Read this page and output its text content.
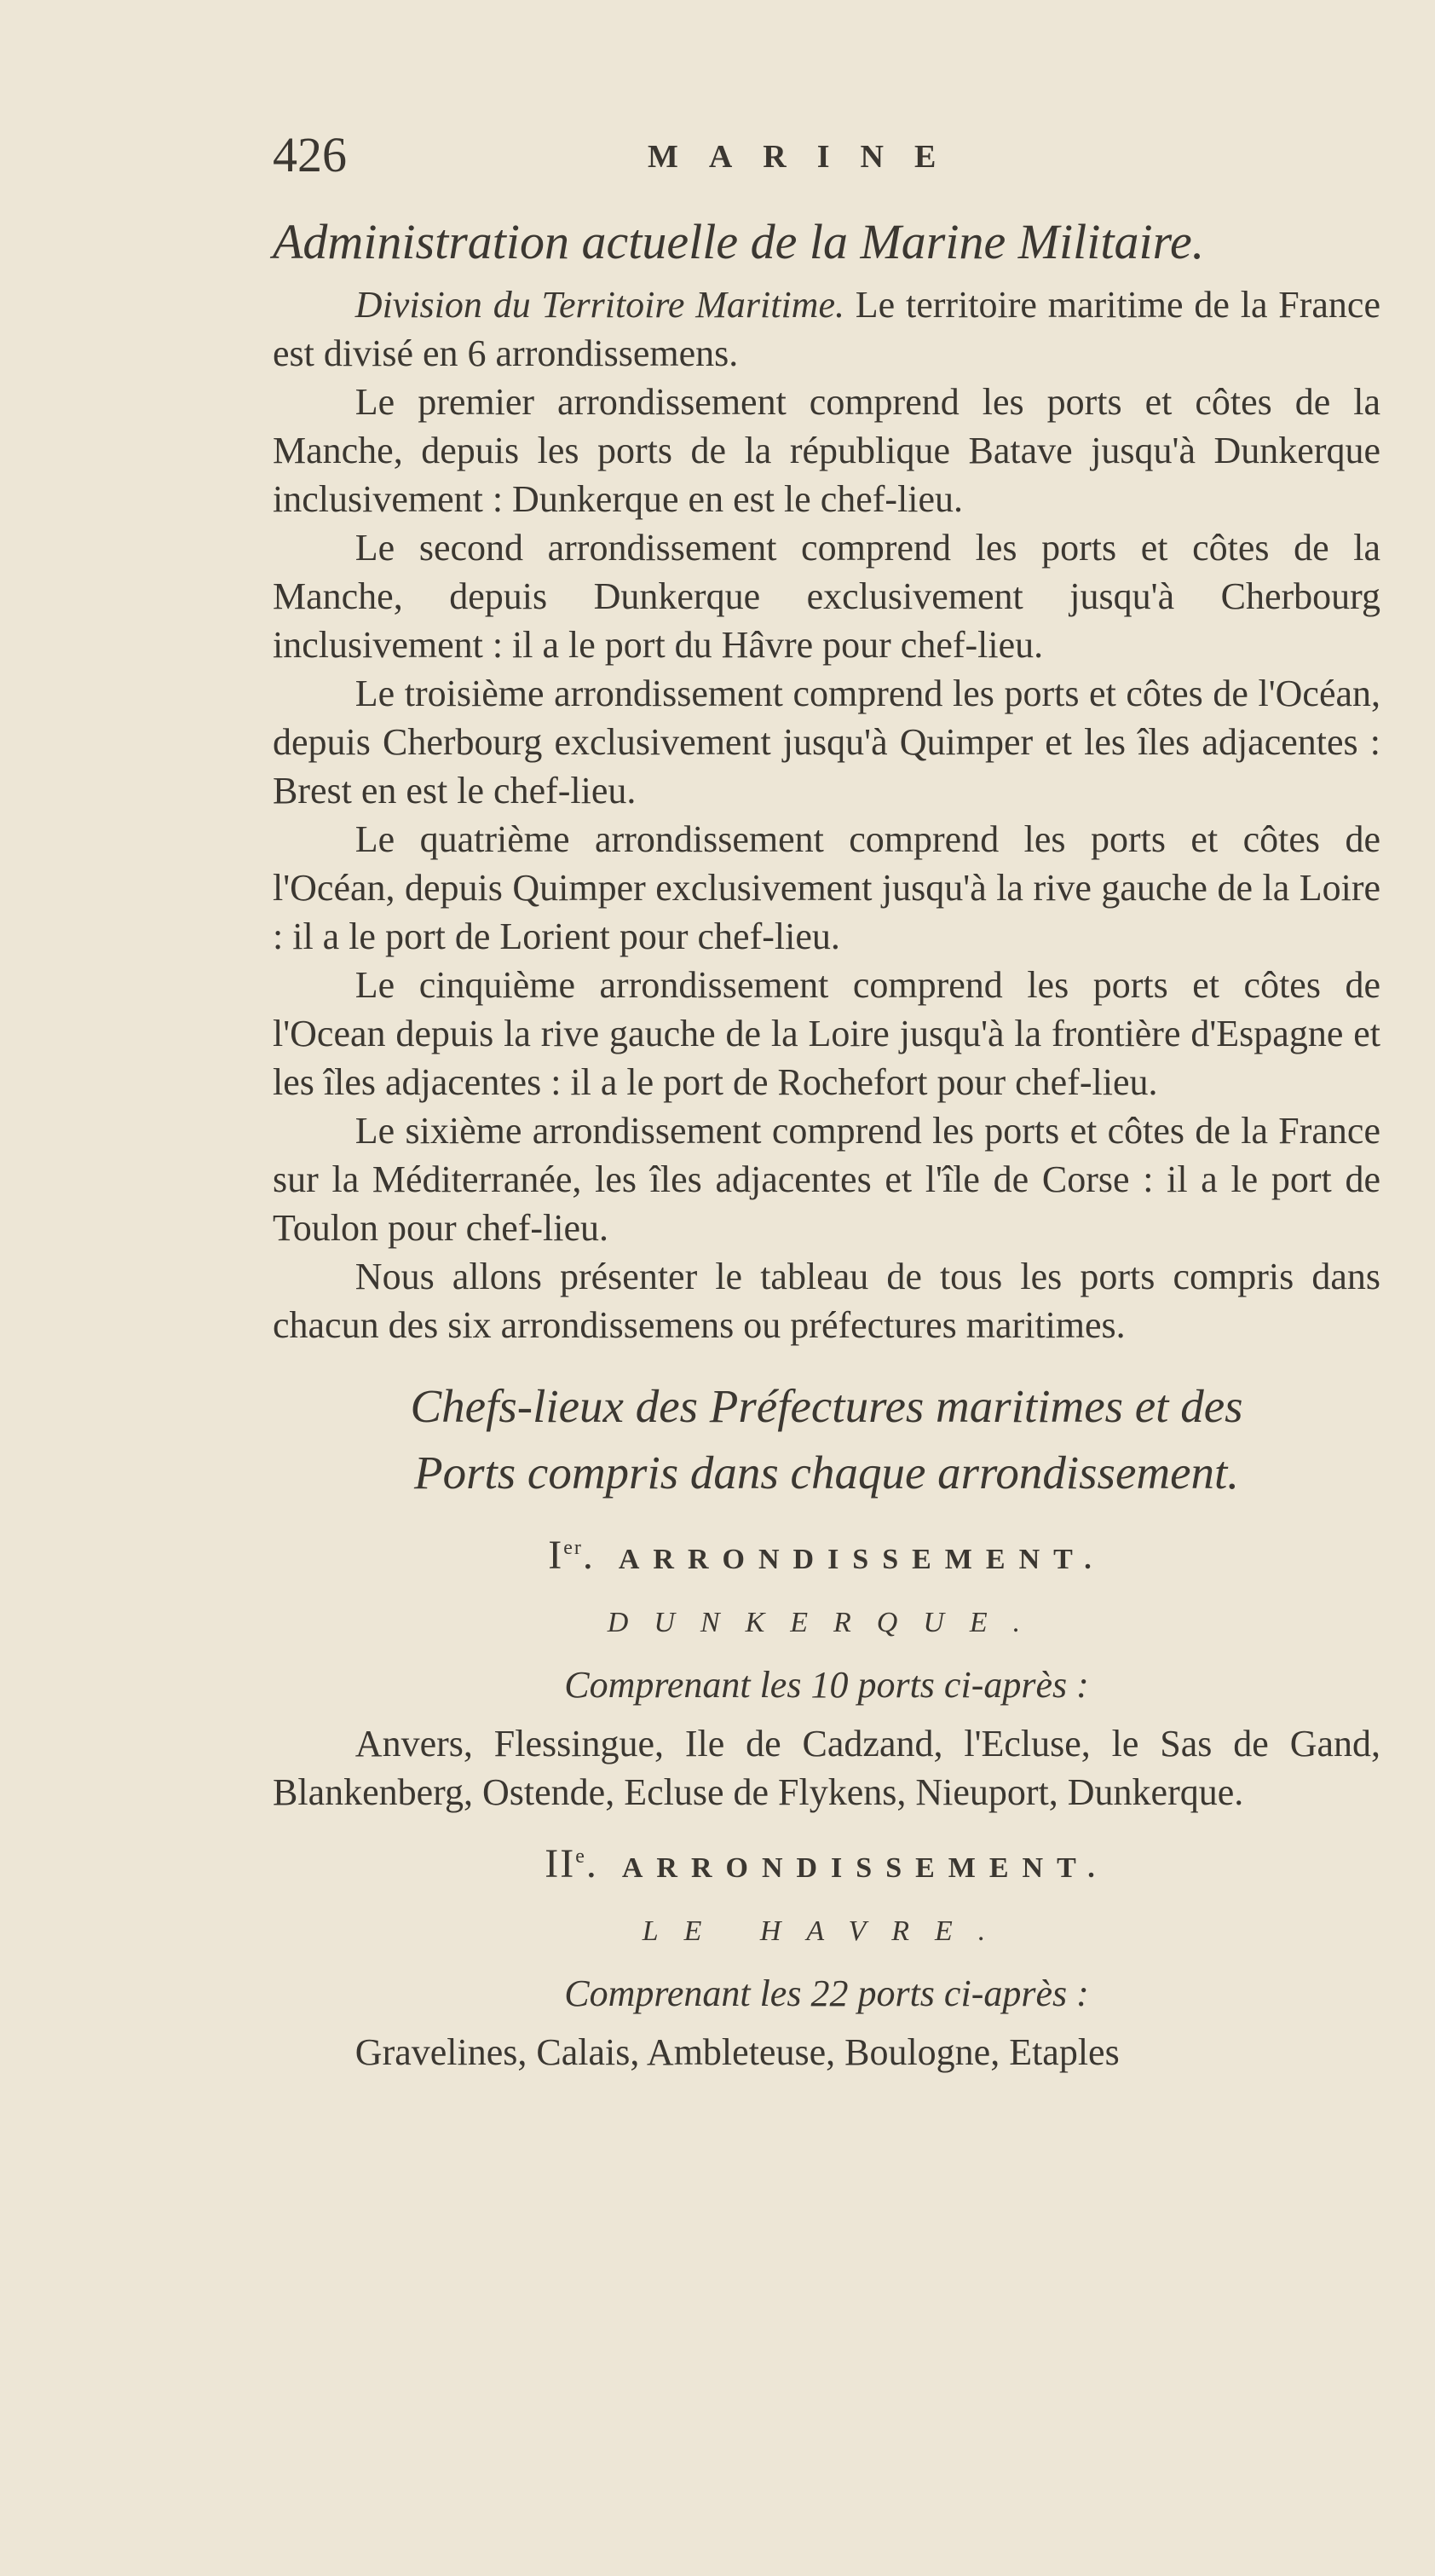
426	MARINE
Administration actuelle de la Marine Militaire.

Division du Territoire Maritime. Le territoire maritime de la France est divisé en 6 arrondissemens.

Le premier arrondissement comprend les ports et côtes de la Manche, depuis les ports de la république Batave jusqu'à Dunkerque inclusivement : Dunkerque en est le chef-lieu.

Le second arrondissement comprend les ports et côtes de la Manche, depuis Dunkerque exclusivement jusqu'à Cherbourg inclusivement : il a le port du Hâvre pour chef-lieu.

Le troisième arrondissement comprend les ports et côtes de l'Océan, depuis Cherbourg exclusivement jusqu'à Quimper et les îles adjacentes : Brest en est le chef-lieu.

Le quatrième arrondissement comprend les ports et côtes de l'Océan, depuis Quimper exclusivement jusqu'à la rive gauche de la Loire : il a le port de Lorient pour chef-lieu.

Le cinquième arrondissement comprend les ports et côtes de l'Ocean depuis la rive gauche de la Loire jusqu'à la frontière d'Espagne et les îles adjacentes : il a le port de Rochefort pour chef-lieu.

Le sixième arrondissement comprend les ports et côtes de la France sur la Méditerranée, les îles adjacentes et l'île de Corse : il a le port de Toulon pour chef-lieu.

Nous allons présenter le tableau de tous les ports compris dans chacun des six arrondissemens ou préfectures maritimes.

Chefs-lieux des Préfectures maritimes et des
Ports compris dans chaque arrondissement.
Ier. ARRONDISSEMENT.
DUNKERQUE.
Comprenant les 10 ports ci-après :

Anvers, Flessingue, Ile de Cadzand, l'Ecluse, le Sas de Gand, Blankenberg, Ostende, Ecluse de Flykens, Nieuport, Dunkerque.

IIe. ARRONDISSEMENT.
LE HAVRE.
Comprenant les 22 ports ci-après :

Gravelines, Calais, Ambleteuse, Boulogne, Etaples
